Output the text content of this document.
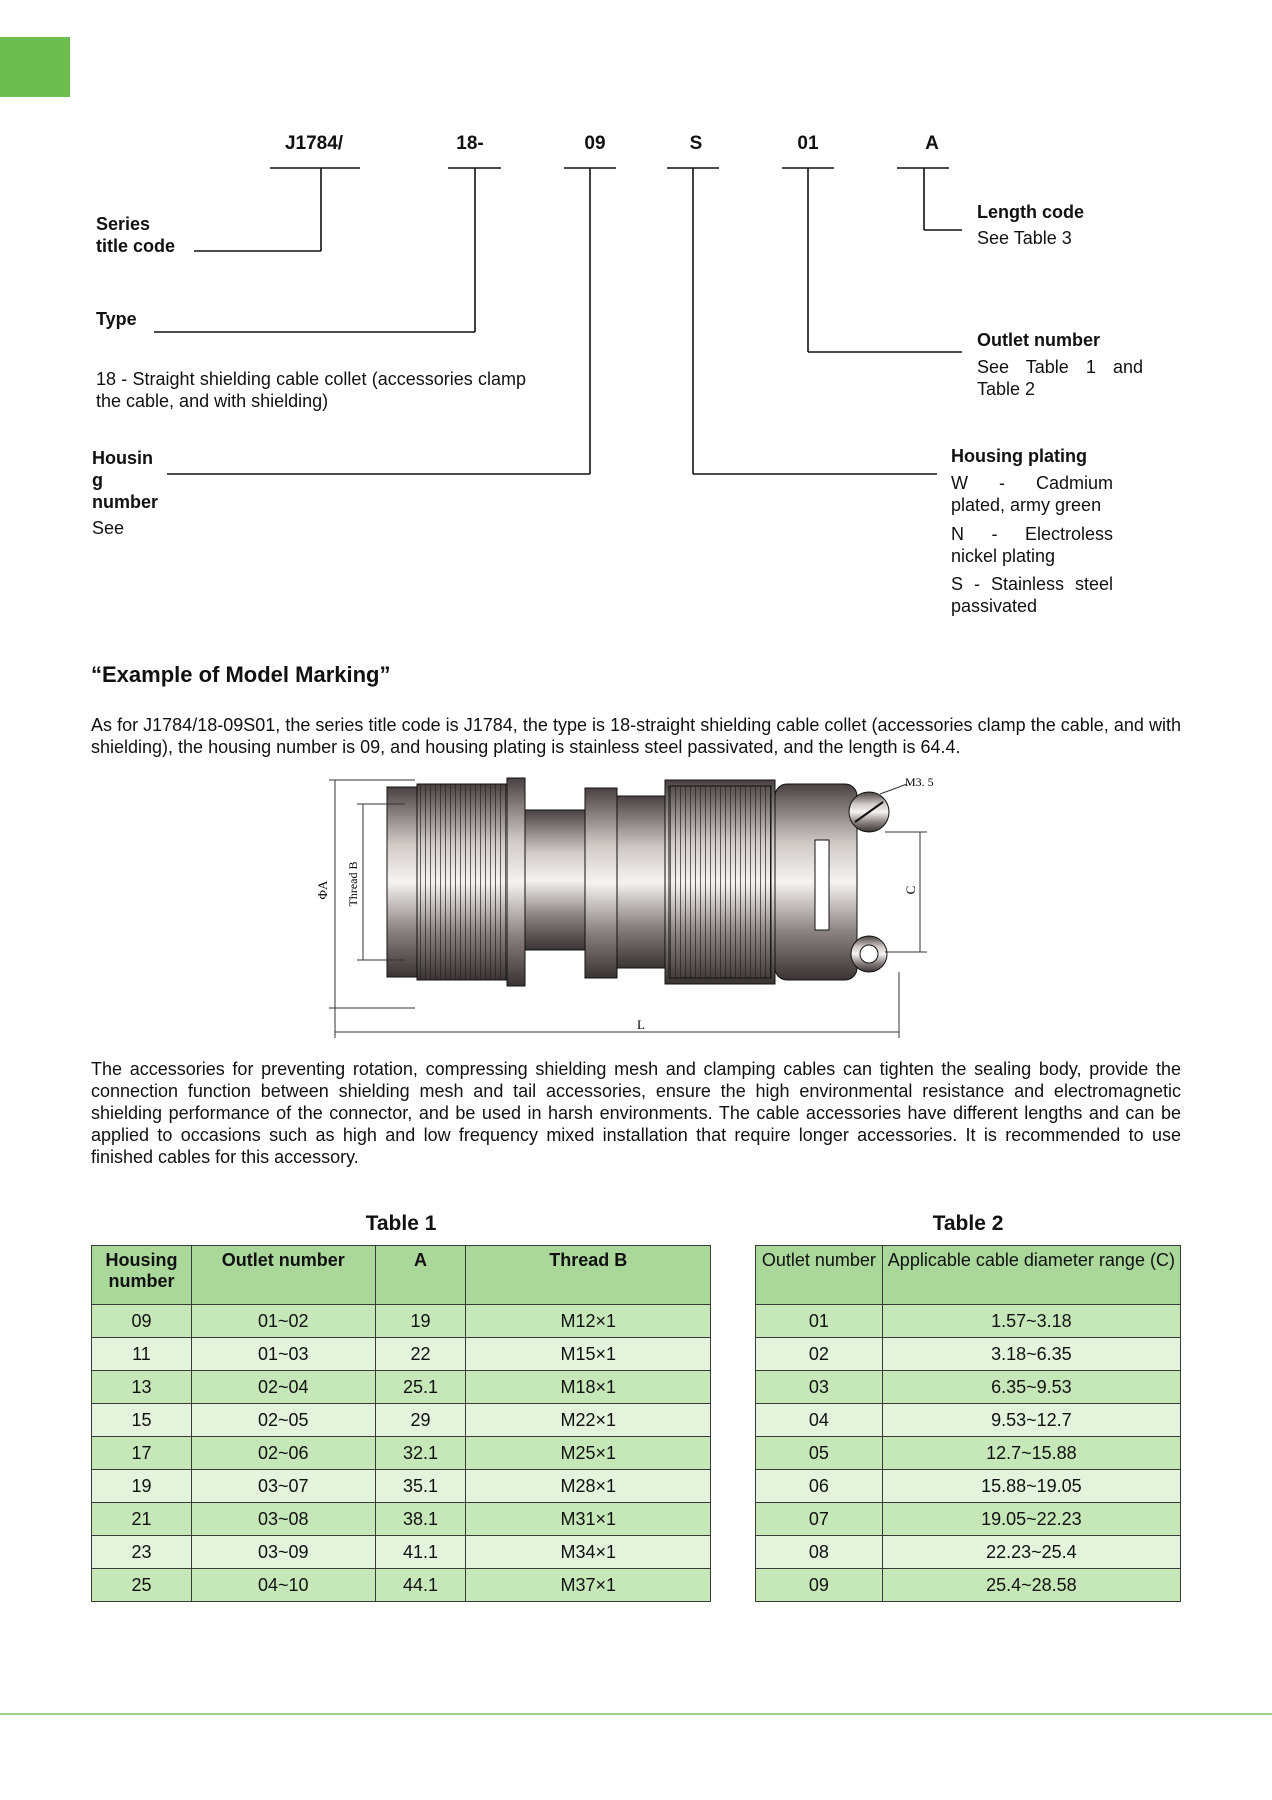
J1784/	18-	09	S	01	A
Series
title code
Type
18 - Straight shielding cable collet (accessories clamp the cable, and with shielding)
Housin
g
number
See
Length code
See Table 3
Outlet number
See Table 1 and Table 2
Housing plating
W - Cadmium plated, army green
N - Electroless nickel plating
S - Stainless steel passivated
“Example of Model Marking”
As for J1784/18-09S01, the series title code is J1784, the type is 18-straight shielding cable collet (accessories clamp the cable, and with shielding), the housing number is 09, and housing plating is stainless steel passivated, and the length is 64.4.
ΦA Thread B	C
L
M3. 5
The accessories for preventing rotation, compressing shielding mesh and clamping cables can tighten the sealing body, provide the connection function between shielding mesh and tail accessories, ensure the high environmental resistance and electromagnetic shielding performance of the connector, and be used in harsh environments. The cable accessories have different lengths and can be applied to occasions such as high and low frequency mixed installation that require longer accessories. It is recommended to use finished cables for this accessory.
Table 1
Housing number	Outlet number	A	Thread B
09	01~02	19	M12×1
11	01~03	22	M15×1
13	02~04	25.1	M18×1
15	02~05	29	M22×1
17	02~06	32.1	M25×1
19	03~07	35.1	M28×1
21	03~08	38.1	M31×1
23	03~09	41.1	M34×1
25	04~10	44.1	M37×1
Table 2
Outlet number	Applicable cable diameter range (C)
01	1.57~3.18
02	3.18~6.35
03	6.35~9.53
04	9.53~12.7
05	12.7~15.88
06	15.88~19.05
07	19.05~22.23
08	22.23~25.4
09	25.4~28.58
